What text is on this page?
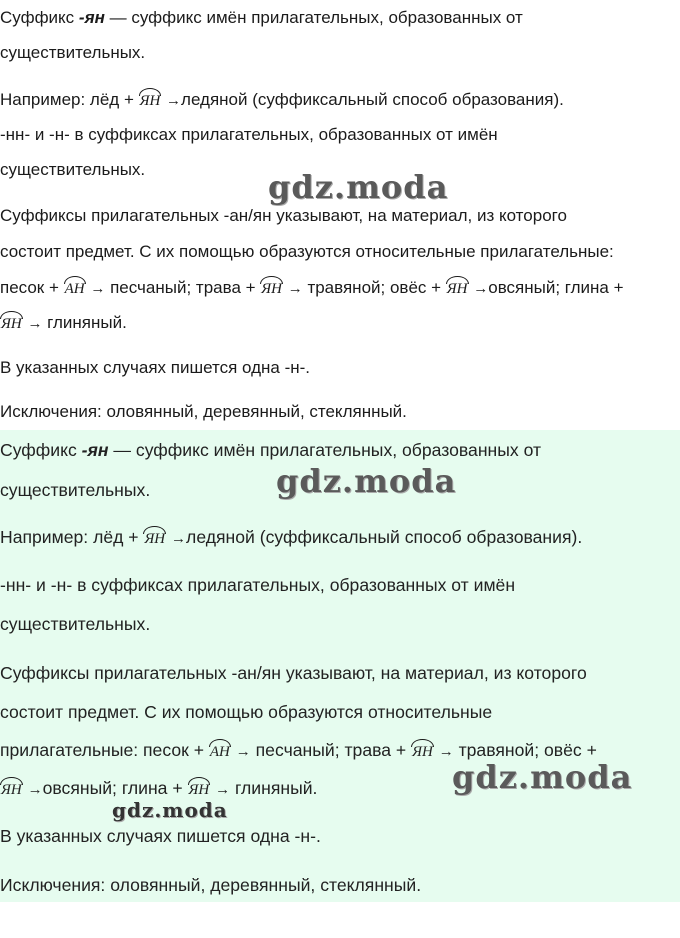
Суффикс -ян — суффикс имён прилагательных, образованных от
существительных.
Например: лёд + ЯН →ледяной (суффиксальный способ образования).
-нн- и -н- в суффиксах прилагательных, образованных от имён
существительных.
Суффиксы прилагательных -ан/ян указывают, на материал, из которого
состоит предмет. С их помощью образуются относительные прилагательные:
песок + АН → песчаный; трава + ЯН → травяной; овёс + ЯН →овсяный; глина +
ЯН → глиняный.
В указанных случаях пишется одна -н-.
Исключения: оловянный, деревянный, стеклянный.
gdz.moda
Суффикс -ян — суффикс имён прилагательных, образованных от
существительных.
Например: лёд + ЯН →ледяной (суффиксальный способ образования).
-нн- и -н- в суффиксах прилагательных, образованных от имён
существительных.
Суффиксы прилагательных -ан/ян указывают, на материал, из которого
состоит предмет. С их помощью образуются относительные
прилагательные: песок + АН → песчаный; трава + ЯН → травяной; овёс +
ЯН →овсяный; глина + ЯН → глиняный.
В указанных случаях пишется одна -н-.
Исключения: оловянный, деревянный, стеклянный.
gdz.moda
gdz.moda
gdz.moda
